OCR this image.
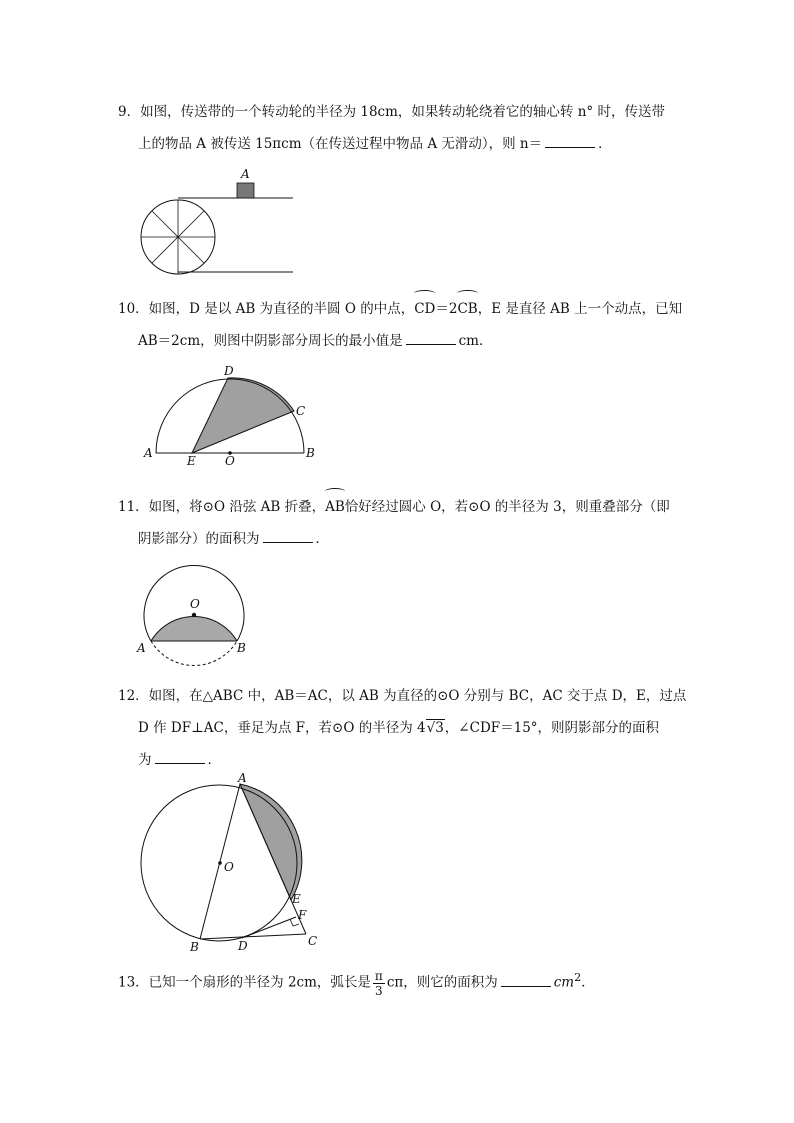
9．如图，传送带的一个转动轮的半径为 18cm，如果转动轮绕着它的轴心转 n° 时，传送带

上的物品 A 被传送 15πcm（在传送过程中物品 A 无滑动），则 n＝	．

A

10．如图，D 是以 AB 为直径的半圆 O 的中点，CD＝2CB，E 是直径 AB 上一个动点，已知

AB＝2cm，则图中阴影部分周长的最小值是	cm．

D
C
A
E O
B

11．如图，将⊙O 沿弦 AB 折叠，AB恰好经过圆心 O，若⊙O 的半径为 3，则重叠部分（即

阴影部分）的面积为	．

O
A	B

12．如图，在△ABC 中，AB＝AC，以 AB 为直径的⊙O 分别与 BC，AC 交于点 D，E，过点

D 作 DF⊥AC，垂足为点 F，若⊙O 的半径为 4√3，∠CDF＝15°，则阴影部分的面积

为	．

A
O
E
F
B	D	C

13．已知一个扇形的半径为 2cm，弧长是 $\frac{\pi}{3}$ cπ，则它的面积为	$cm^2$．
